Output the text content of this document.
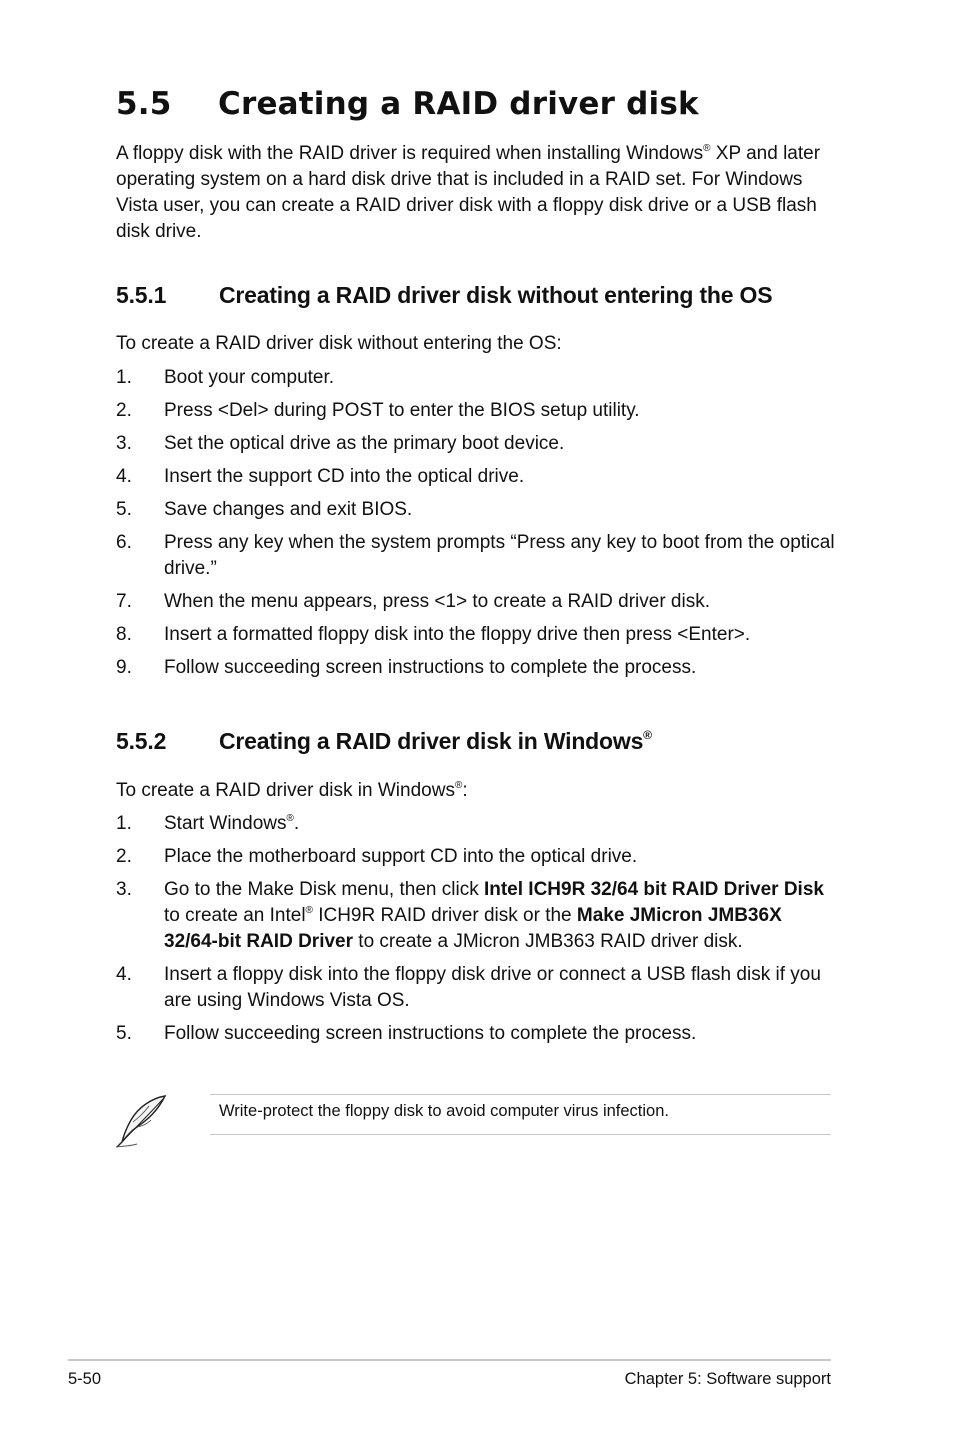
5.5 Creating a RAID driver disk

A floppy disk with the RAID driver is required when installing Windows® XP and later operating system on a hard disk drive that is included in a RAID set. For Windows Vista user, you can create a RAID driver disk with a floppy disk drive or a USB flash disk drive.

5.5.1 Creating a RAID driver disk without entering the OS

To create a RAID driver disk without entering the OS:

1. Boot your computer.
2. Press <Del> during POST to enter the BIOS setup utility.
3. Set the optical drive as the primary boot device.
4. Insert the support CD into the optical drive.
5. Save changes and exit BIOS.
6. Press any key when the system prompts “Press any key to boot from the optical drive.”
7. When the menu appears, press <1> to create a RAID driver disk.
8. Insert a formatted floppy disk into the floppy drive then press <Enter>.
9. Follow succeeding screen instructions to complete the process.
5.5.2 Creating a RAID driver disk in Windows®

To create a RAID driver disk in Windows®:

1. Start Windows®.
2. Place the motherboard support CD into the optical drive.
3. Go to the Make Disk menu, then click Intel ICH9R 32/64 bit RAID Driver Disk to create an Intel® ICH9R RAID driver disk or the Make JMicron JMB36X 32/64-bit RAID Driver to create a JMicron JMB363 RAID driver disk.
4. Insert a floppy disk into the floppy disk drive or connect a USB flash disk if you are using Windows Vista OS.
5. Follow succeeding screen instructions to complete the process.

Write-protect the floppy disk to avoid computer virus infection.

5-50	Chapter 5: Software support
